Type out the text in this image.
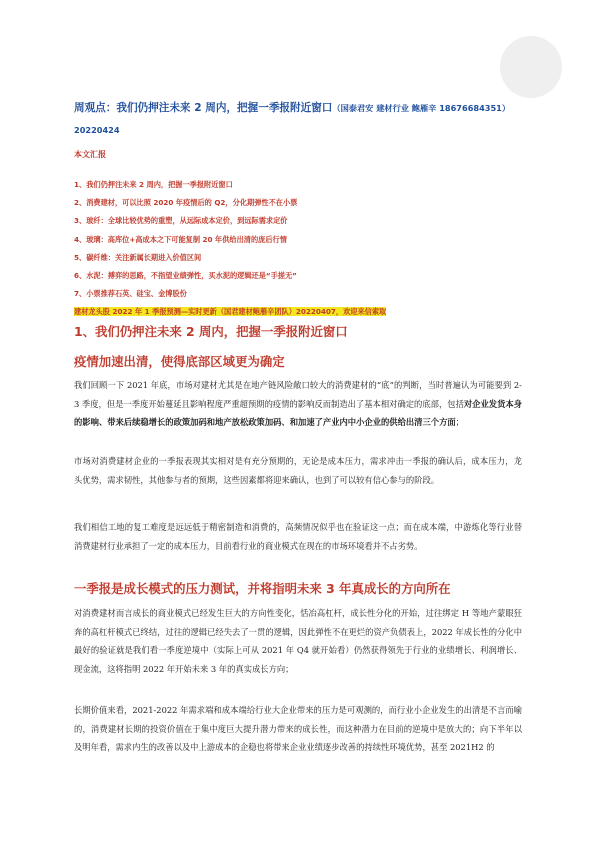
周观点：我们仍押注未来 2 周内，把握一季报附近窗口（国泰君安 建材行业 鲍雁辛 18676684351）20220424
本文汇报
1、我们仍押注未来 2 周内，把握一季报附近窗口
2、消费建材，可以比照 2020 年疫情后的 Q2，分化期弹性不在小票
3、玻纤：全球比较优势的重塑，从远际成本定价，到远际需求定价
4、玻璃：高库位+高成本之下可能复制 20 年供给出清的庞后行情
5、碳纤维：关注新属长期进入价值区间
6、水泥：搏弈的思路，不指望业绩弹性，买水泥的逻辑还是“手搓无”
7、小票推荐石英、硅宝、金博股份
建材龙头股 2022 年 1 季报预测—实时更新（国君建材鲍雁辛团队）20220407，欢迎来信索取
1、我们仍押注未来 2 周内，把握一季报附近窗口
疫情加速出清，使得底部区域更为确定

我们回顾一下 2021 年底，市场对建材尤其是在地产链风险敞口较大的消费建材的“底”的判断，当时普遍认为可能要到 2-3 季度，但是一季度开始蔓延且影响程度严重超预期的疫情的影响反而制造出了基本相对确定的底部，包括对企业发货本身的影响、带来后续稳增长的政策加码和地产放松政策加码、和加速了产业内中小企业的供给出清三个方面；

市场对消费建材企业的一季报表现其实相对是有充分预期的，无论是成本压力，需求冲击一季报的确认后，成本压力，龙头优势，需求韧性，其他参与者的预期，这些因素都将迎来确认，也到了可以较有信心参与的阶段。

我们相信工地的复工难度是远远低于精密制造和消费的，高频情况似乎也在验证这一点；而在成本端，中游炼化等行业替消费建材行业承担了一定的成本压力，目前看行业的商业模式在现在的市场环境看并不占劣势。

一季报是成长模式的压力测试，并将指明未来 3 年真成长的方向所在

对消费建材而言成长的商业模式已经发生巨大的方向性变化，恬冶高杠杆，成长性分化的开始，过往绑定 H 等地产蒙眼狂奔的高杠杆模式已终结，过往的逻辑已经失去了一贯的逻辑，因此弹性不在更烂的资产负债表上，2022 年成长性的分化中最好的验证就是我们看一季度逆境中（实际上可从 2021 年 Q4 就开始看）仍然获得领先于行业的业绩增长、利润增长、现金流，这将指明 2022 年开始未来 3 年的真实成长方向；

长期价值来看，2021-2022 年需求端和成本端给行业大企业带来的压力是可观测的，而行业小企业发生的出清是不言而喻的，消费建材长期的投资价值在于集中度巨大提升潜力带来的成长性，而这种潜力在目前的逆境中是放大的；向下半年以及明年看，需求内生的改善以及中上游成本的企稳也将带来企业业绩逐步改善的持续性环境优势，甚至 2021H2 的
